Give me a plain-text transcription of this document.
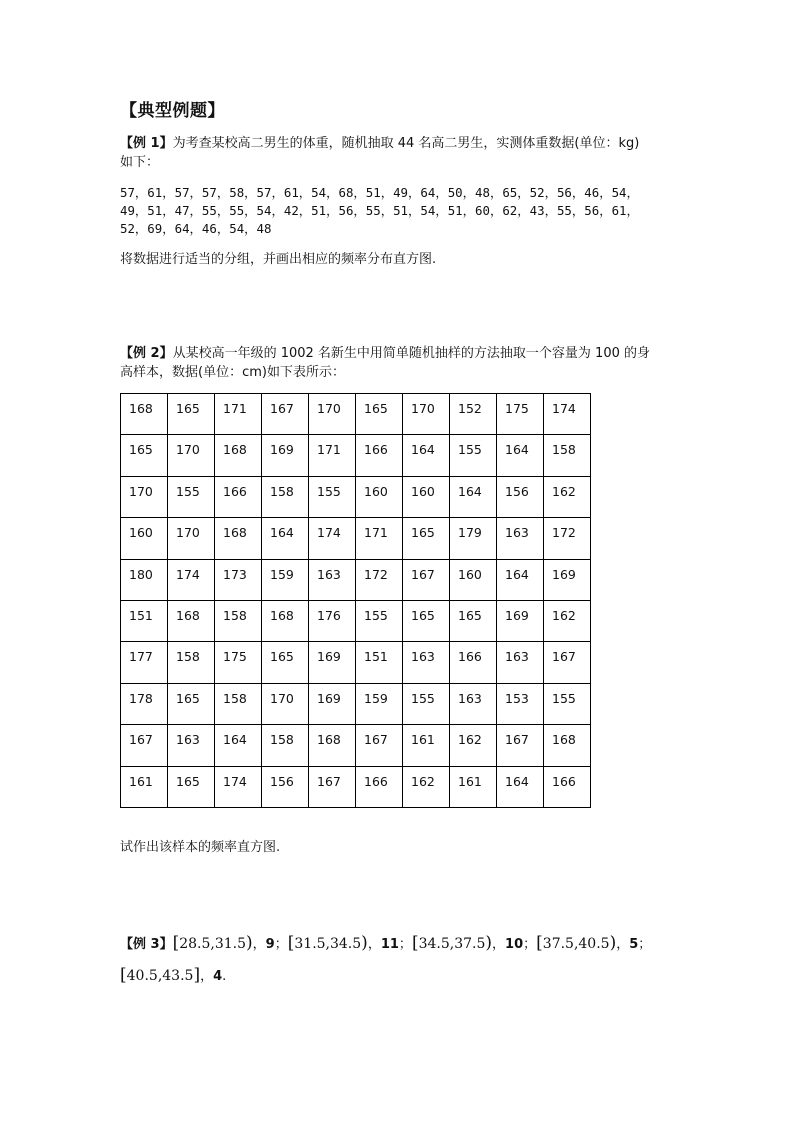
【典型例题】
【例 1】为考查某校高二男生的体重，随机抽取 44 名高二男生，实测体重数据(单位：kg)
如下：
57，61，57，57，58，57，61，54，68，51，49，64，50，48，65，52，56，46，54，
49，51，47，55，55，54，42，51，56，55，51，54，51，60，62，43，55，56，61，
52，69，64，46，54，48
将数据进行适当的分组，并画出相应的频率分布直方图.
【例 2】从某校高一年级的 1002 名新生中用简单随机抽样的方法抽取一个容量为 100 的身
高样本，数据(单位：cm)如下表所示：
168	165	171	167	170	165	170	152	175	174
165	170	168	169	171	166	164	155	164	158
170	155	166	158	155	160	160	164	156	162
160	170	168	164	174	171	165	179	163	172
180	174	173	159	163	172	167	160	164	169
151	168	158	168	176	155	165	165	169	162
177	158	175	165	169	151	163	166	163	167
178	165	158	170	169	159	155	163	153	155
167	163	164	158	168	167	161	162	167	168
161	165	174	156	167	166	162	161	164	166
试作出该样本的频率直方图.
【例 3】[28.5,31.5)，9；[31.5,34.5)，11；[34.5,37.5)，10；[37.5,40.5)，5；
[40.5,43.5]，4.
